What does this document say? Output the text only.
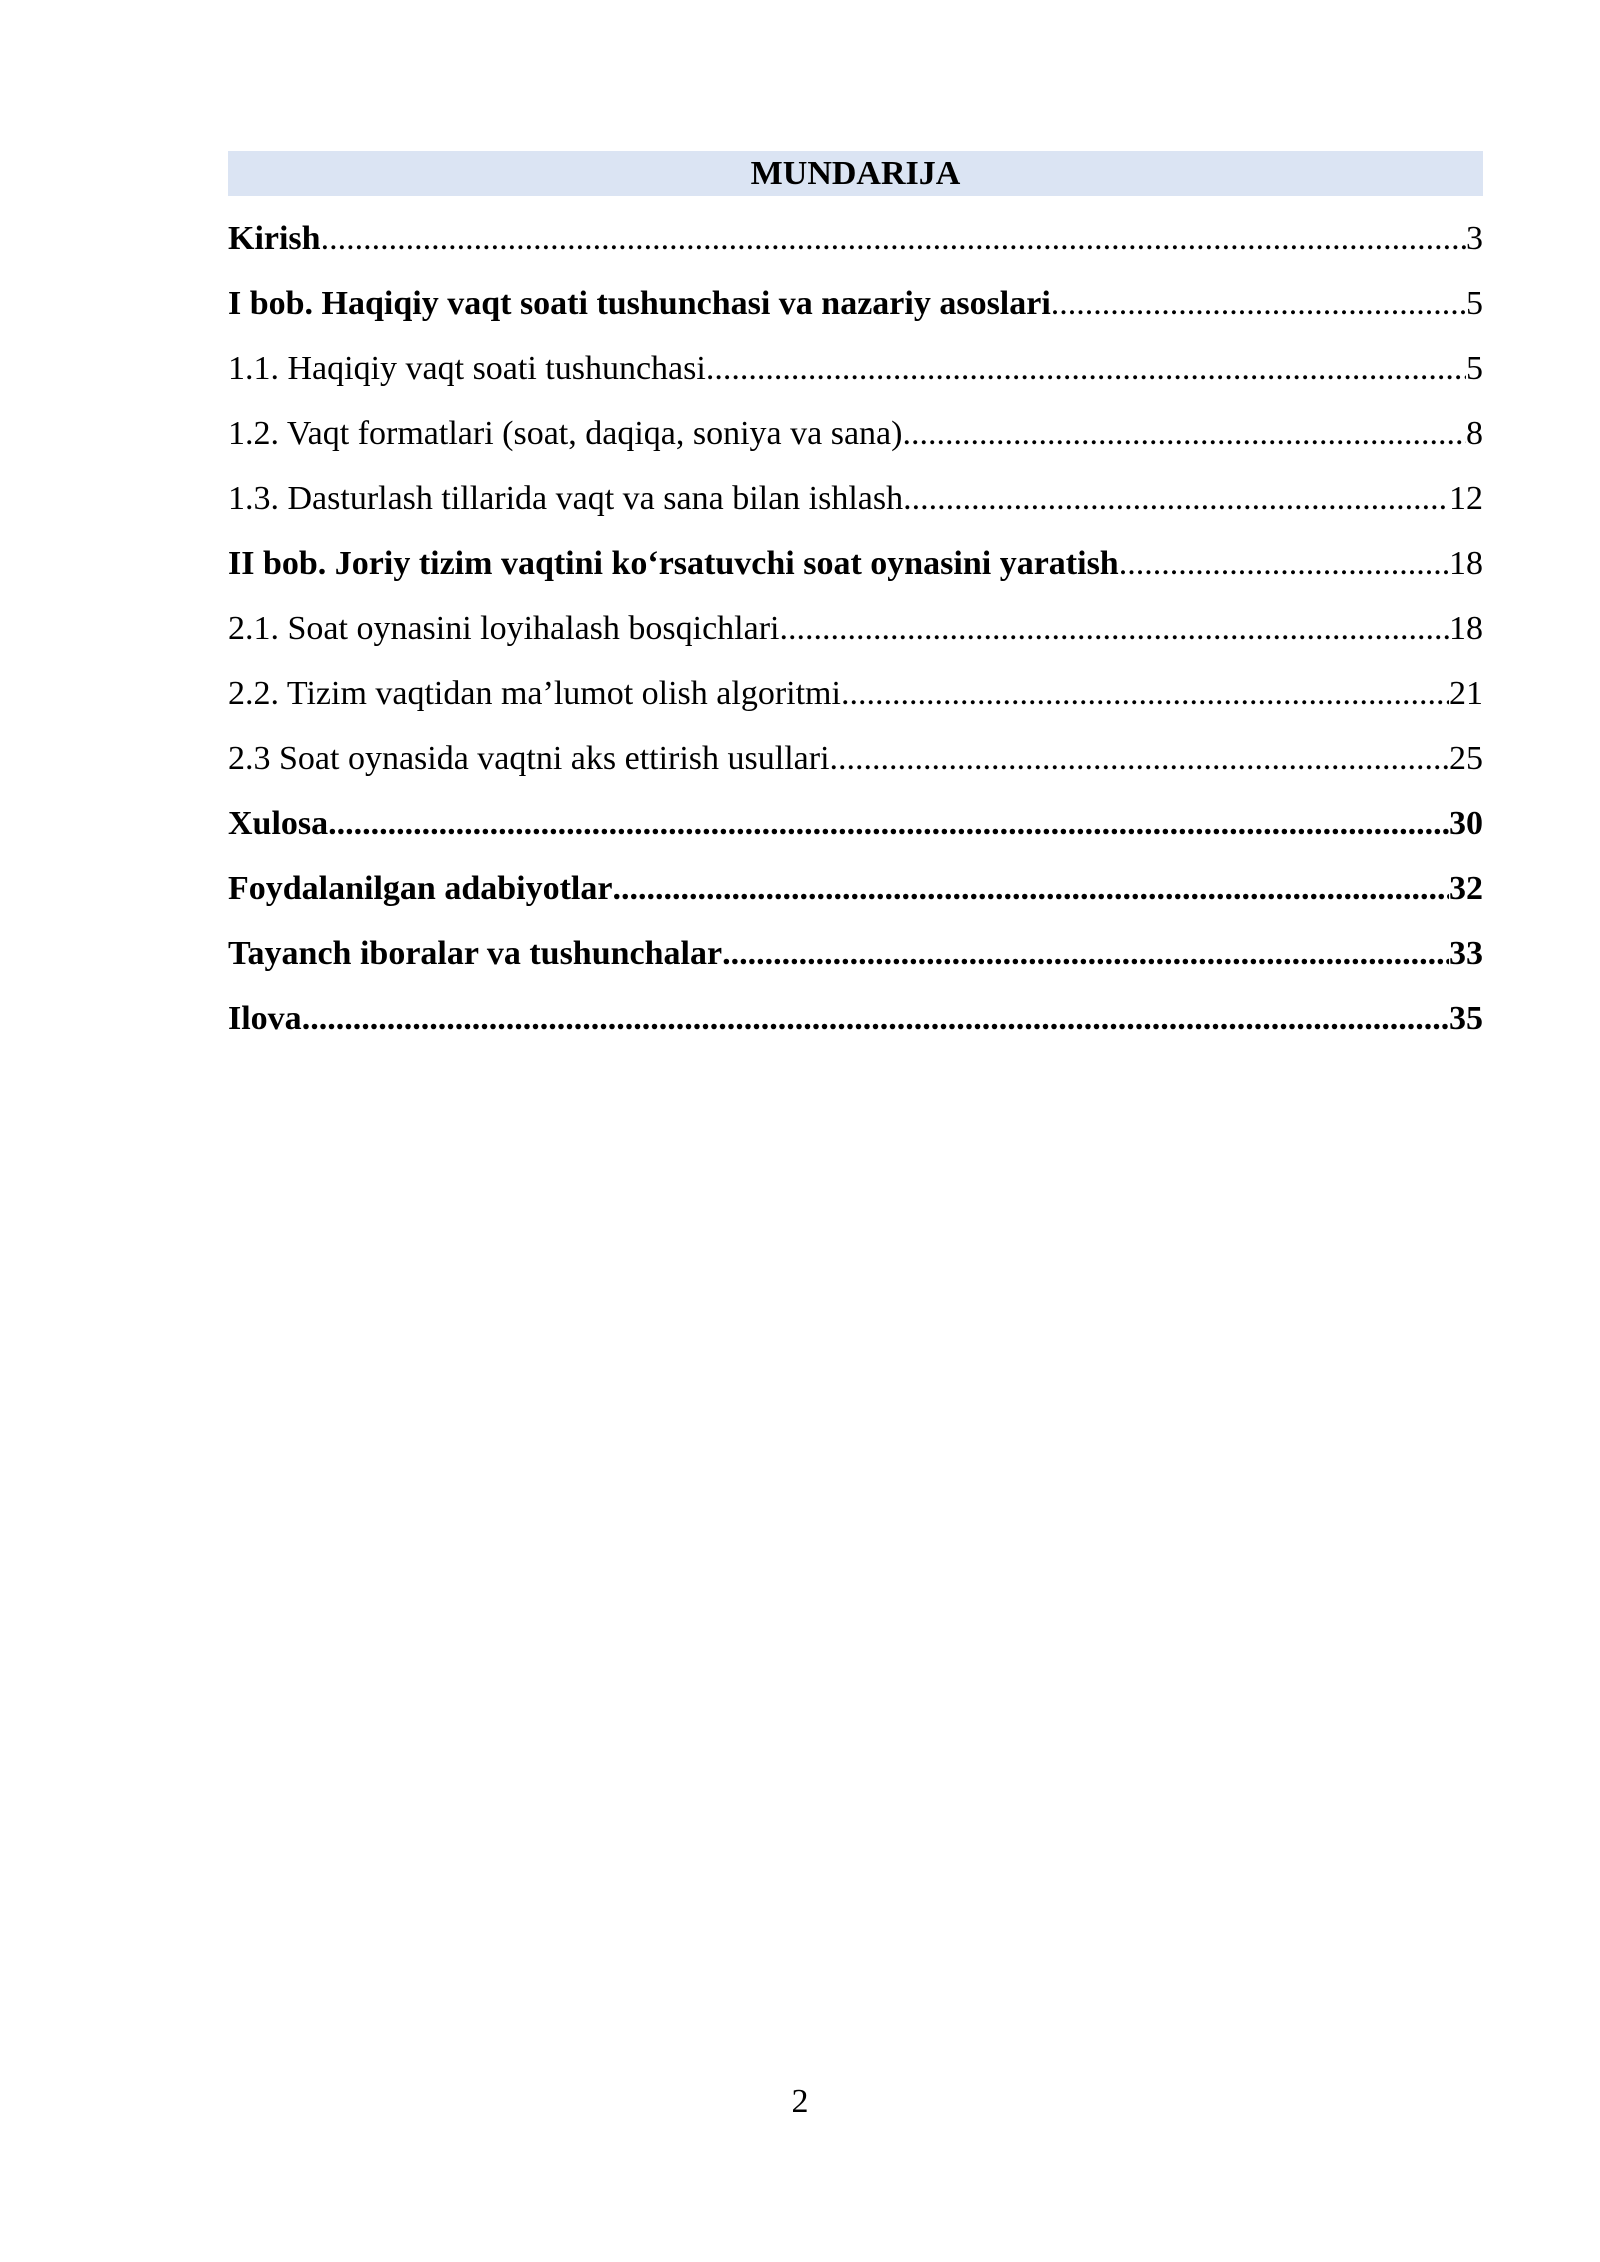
MUNDARIJA
Kirish .....	3
I bob. Haqiqiy vaqt soati tushunchasi va nazariy asoslari .....	5
1.1. Haqiqiy vaqt soati tushunchasi .....	5
1.2. Vaqt formatlari (soat, daqiqa, soniya va sana) .....	8
1.3. Dasturlash tillarida vaqt va sana bilan ishlash .....	12
II bob. Joriy tizim vaqtini ko‘rsatuvchi soat oynasini yaratish .....	18
2.1. Soat oynasini loyihalash bosqichlari .....	18
2.2. Tizim vaqtidan ma’lumot olish algoritmi .....	21
2.3 Soat oynasida vaqtni aks ettirish usullari .....	25
Xulosa .....	30
Foydalanilgan adabiyotlar .....	32
Tayanch iboralar va tushunchalar .....	33
Ilova .....	35
2
